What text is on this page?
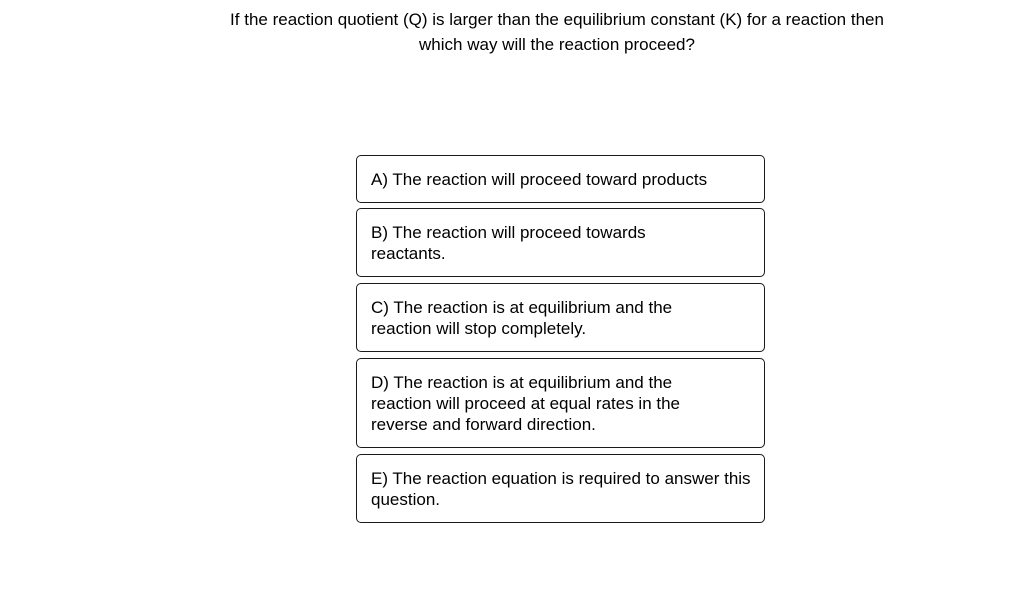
If the reaction quotient (Q) is larger than the equilibrium constant (K) for a reaction then which way will the reaction proceed?

A) The reaction will proceed toward products
B) The reaction will proceed towards reactants.
C) The reaction is at equilibrium and the reaction will stop completely.
D) The reaction is at equilibrium and the reaction will proceed at equal rates in the reverse and forward direction.
E) The reaction equation is required to answer this question.
